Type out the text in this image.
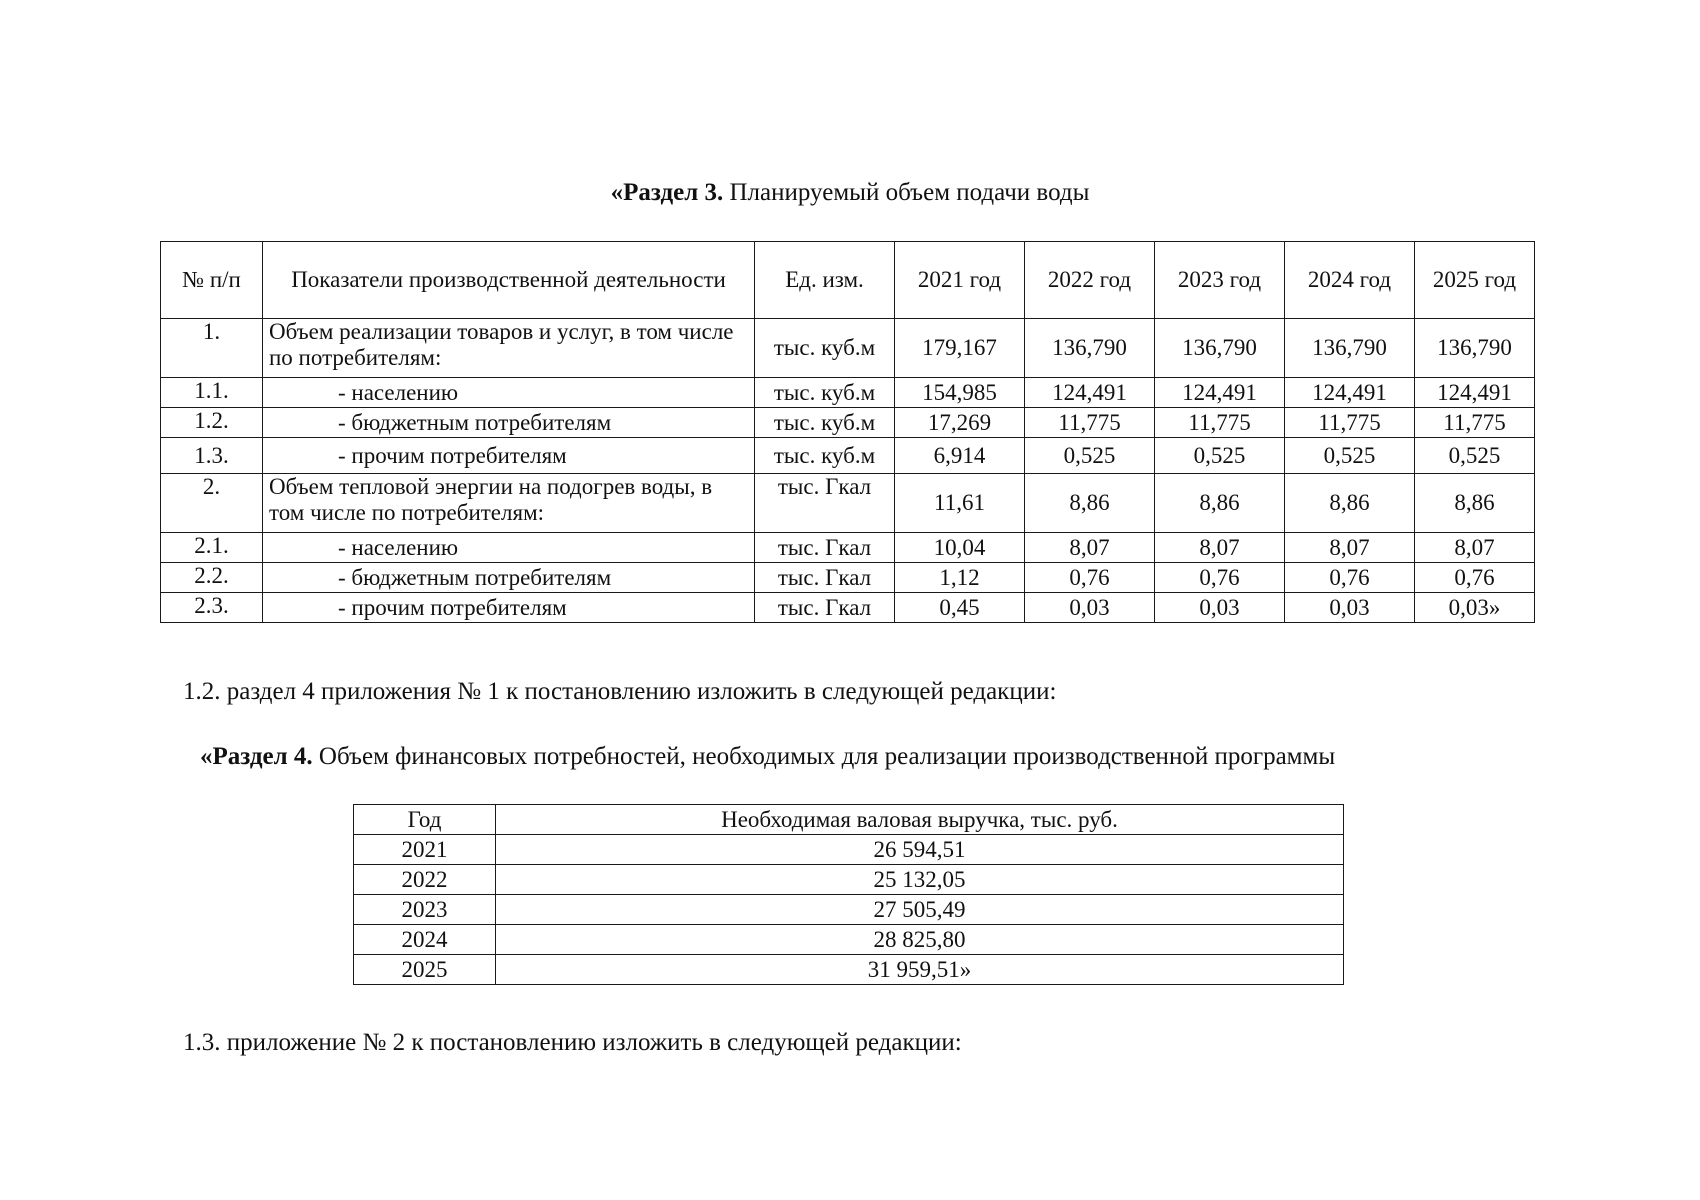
«Раздел 3. Планируемый объем подачи воды
№ п/п	Показатели производственной деятельности	Ед. изм.	2021 год	2022 год	2023 год	2024 год	2025 год
1.	Объем реализации товаров и услуг, в том числе по потребителям:	тыс. куб.м	179,167	136,790	136,790	136,790	136,790
1.1.	- населению	тыс. куб.м	154,985	124,491	124,491	124,491	124,491
1.2.	- бюджетным потребителям	тыс. куб.м	17,269	11,775	11,775	11,775	11,775
1.3.	- прочим потребителям	тыс. куб.м	6,914	0,525	0,525	0,525	0,525
2.	Объем тепловой энергии на подогрев воды, в том числе по потребителям:	тыс. Гкал	11,61	8,86	8,86	8,86	8,86
2.1.	- населению	тыс. Гкал	10,04	8,07	8,07	8,07	8,07
2.2.	- бюджетным потребителям	тыс. Гкал	1,12	0,76	0,76	0,76	0,76
2.3.	- прочим потребителям	тыс. Гкал	0,45	0,03	0,03	0,03	0,03»
1.2. раздел 4 приложения № 1 к постановлению изложить в следующей редакции:
«Раздел 4. Объем финансовых потребностей, необходимых для реализации производственной программы
Год	Необходимая валовая выручка, тыс. руб.
2021	26 594,51
2022	25 132,05
2023	27 505,49
2024	28 825,80
2025	31 959,51»
1.3. приложение № 2 к постановлению изложить в следующей редакции:
